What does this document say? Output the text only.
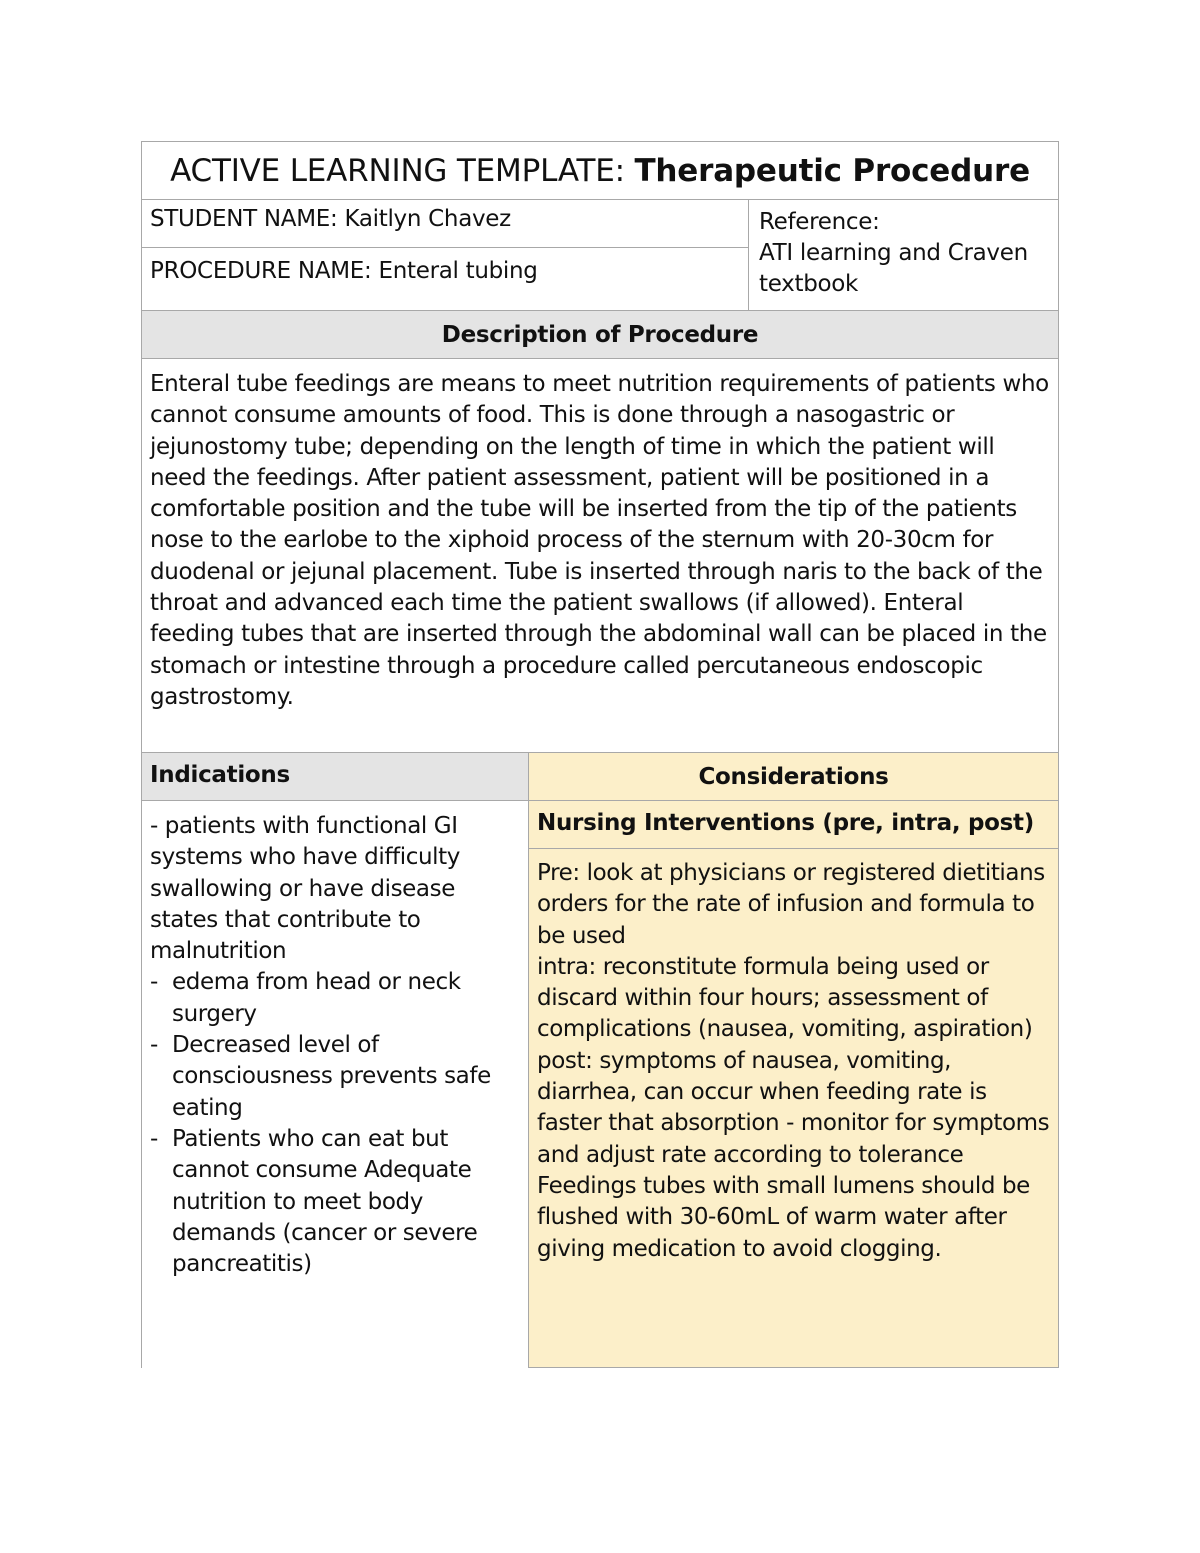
ACTIVE LEARNING TEMPLATE: Therapeutic Procedure
STUDENT NAME: Kaitlyn Chavez
PROCEDURE NAME: Enteral tubing
Reference:
ATI learning and Craven textbook
Description of Procedure

Enteral tube feedings are means to meet nutrition requirements of patients who cannot consume amounts of food. This is done through a nasogastric or jejunostomy tube; depending on the length of time in which the patient will need the feedings. After patient assessment, patient will be positioned in a comfortable position and the tube will be inserted from the tip of the patients nose to the earlobe to the xiphoid process of the sternum with 20-30cm for duodenal or jejunal placement. Tube is inserted through naris to the back of the throat and advanced each time the patient swallows (if allowed). Enteral feeding tubes that are inserted through the abdominal wall can be placed in the stomach or intestine through a procedure called percutaneous endoscopic gastrostomy.

Indications	Considerations

- patients with functional GI systems who have difficulty swallowing or have disease states that contribute to malnutrition

- edema from head or neck surgery
- Decreased level of consciousness prevents safe eating
- Patients who can eat but cannot consume Adequate nutrition to meet body demands (cancer or severe pancreatitis)
Nursing Interventions (pre, intra, post)

Pre: look at physicians or registered dietitians orders for the rate of infusion and formula to be used

intra: reconstitute formula being used or discard within four hours; assessment of complications (nausea, vomiting, aspiration)

post: symptoms of nausea, vomiting, diarrhea, can occur when feeding rate is faster that absorption - monitor for symptoms and adjust rate according to tolerance

Feedings tubes with small lumens should be flushed with 30-60mL of warm water after giving medication to avoid clogging.
